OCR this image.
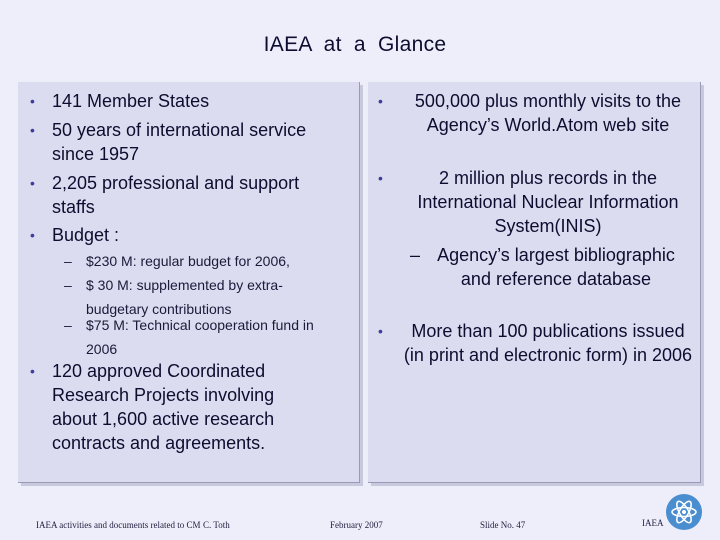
IAEA at a Glance
• 141 Member States
• 50 years of international service since 1957
• 2,205 professional and support staffs
• Budget :
– $230 M: regular budget for 2006,
– $ 30 M: supplemented by extra-budgetary contributions
– $75 M: Technical cooperation fund in 2006
• 120 approved Coordinated Research Projects involving about 1,600 active research contracts and agreements.
• 500,000 plus monthly visits to the Agency’s World.Atom web site
•	2 million plus records in the International Nuclear Information System(INIS)
– Agency’s largest bibliographic and reference database
• More than 100 publications issued (in print and electronic form) in 2006
IAEA activities and documents related to CM C. Toth	February 2007	Slide No. 47	IAEA
